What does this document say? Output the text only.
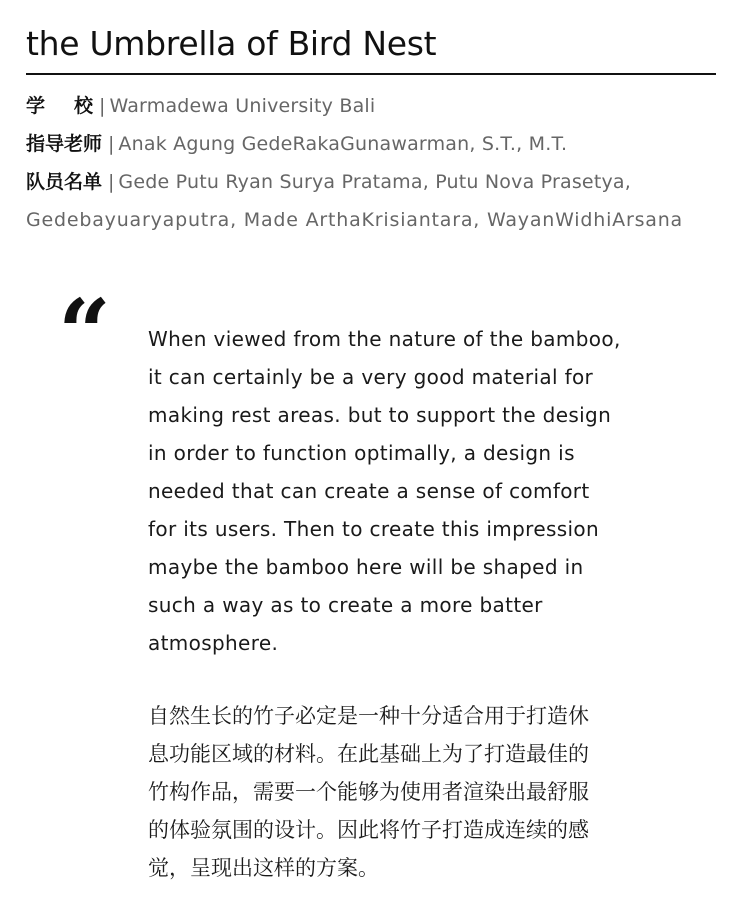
the Umbrella of Bird Nest
学校 | Warmadewa University Bali
指导老师 | Anak Agung GedeRakaGunawarman, S.T., M.T.
队员名单 | Gede Putu Ryan Surya Pratama, Putu Nova Prasetya,
Gedebayuaryaputra, Made ArthaKrisiantara, WayanWidhiArsana
“ When viewed from the nature of the bamboo,
it can certainly be a very good material for
making rest areas. but to support the design
in order to function optimally, a design is
needed that can create a sense of comfort
for its users. Then to create this impression
maybe the bamboo here will be shaped in
such a way as to create a more batter
atmosphere.

自然生长的竹子必定是一种十分适合用于打造休
息功能区域的材料。在此基础上为了打造最佳的
竹构作品，需要一个能够为使用者渲染出最舒服
的体验氛围的设计。因此将竹子打造成连续的感
觉，呈现出这样的方案。
